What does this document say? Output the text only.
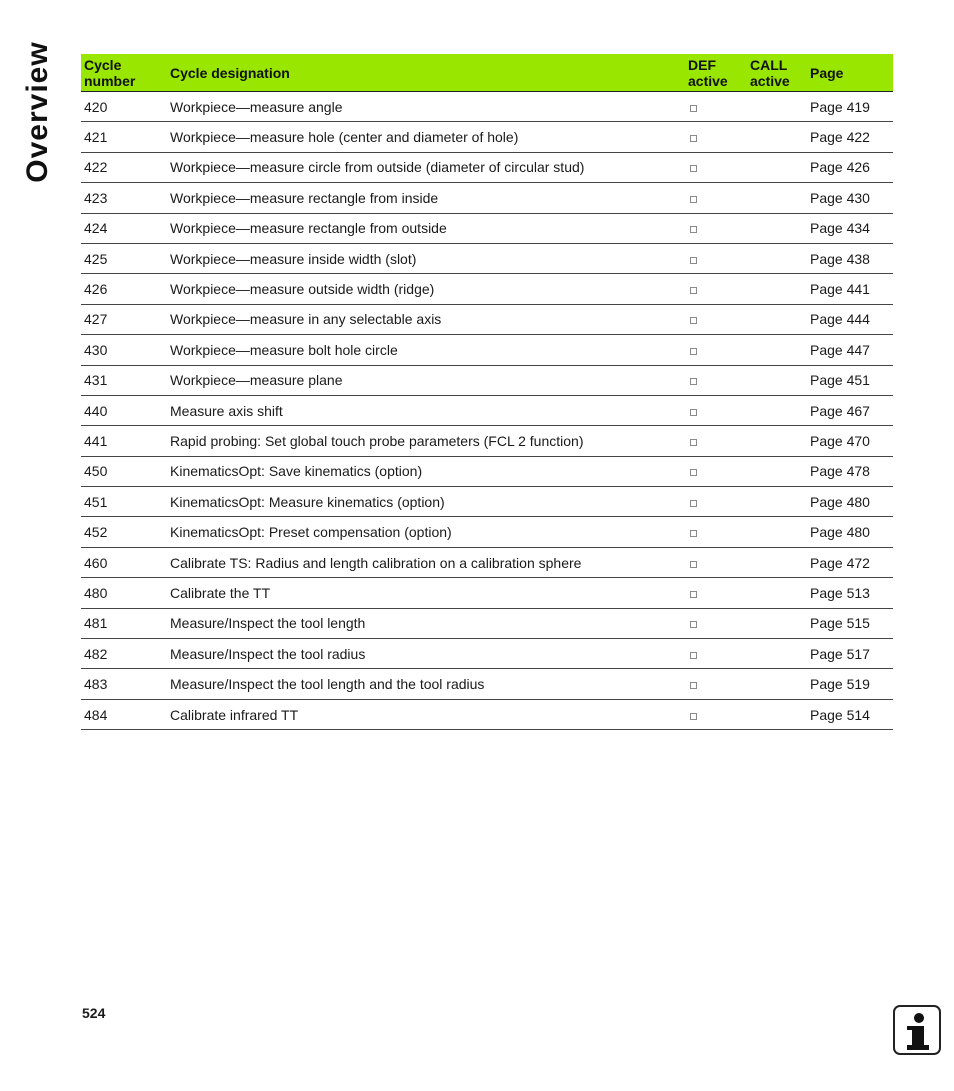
Overview Cycle number	Cycle designation	DEF active	CALL active	Page
420	Workpiece—measure angle			Page 419
421	Workpiece—measure hole (center and diameter of hole)			Page 422
422	Workpiece—measure circle from outside (diameter of circular stud)			Page 426
423	Workpiece—measure rectangle from inside			Page 430
424	Workpiece—measure rectangle from outside			Page 434
425	Workpiece—measure inside width (slot)			Page 438
426	Workpiece—measure outside width (ridge)			Page 441
427	Workpiece—measure in any selectable axis			Page 444
430	Workpiece—measure bolt hole circle			Page 447
431	Workpiece—measure plane			Page 451
440	Measure axis shift			Page 467
441	Rapid probing: Set global touch probe parameters (FCL 2 function)			Page 470
450	KinematicsOpt: Save kinematics (option)			Page 478
451	KinematicsOpt: Measure kinematics (option)			Page 480
452	KinematicsOpt: Preset compensation (option)			Page 480
460	Calibrate TS: Radius and length calibration on a calibration sphere			Page 472
480	Calibrate the TT			Page 513
481	Measure/Inspect the tool length			Page 515
482	Measure/Inspect the tool radius			Page 517
483	Measure/Inspect the tool length and the tool radius			Page 519
484	Calibrate infrared TT			Page 514
524
